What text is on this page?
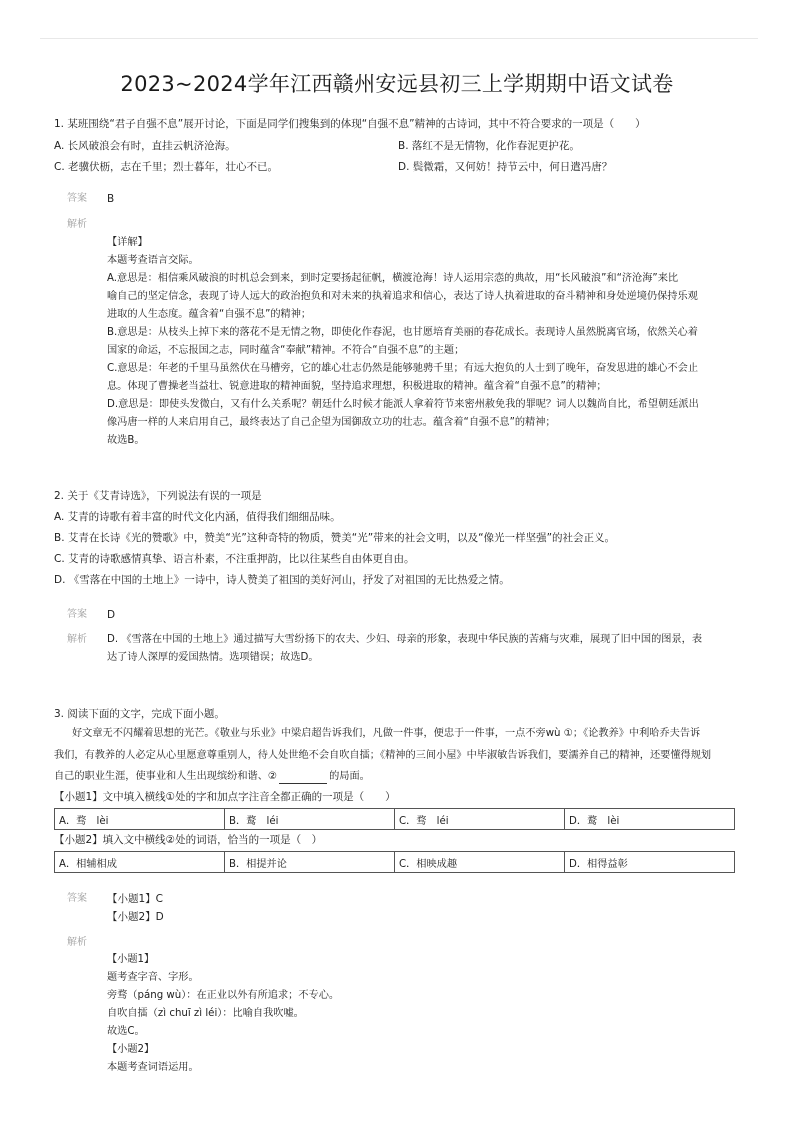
2023~2024学年江西赣州安远县初三上学期期中语文试卷
1. 某班围绕“君子自强不息”展开讨论，下面是同学们搜集到的体现“自强不息”精神的古诗词，其中不符合要求的一项是（　　）
A. 长风破浪会有时，直挂云帆济沧海。	B. 落红不是无情物，化作春泥更护花。
C. 老骥伏枥，志在千里；烈士暮年，壮心不已。	D. 鬓微霜，又何妨！持节云中，何日遣冯唐？
答案 B
解析
【详解】
本题考查语言交际。
A.意思是：相信乘风破浪的时机总会到来，到时定要扬起征帆，横渡沧海！诗人运用宗悫的典故，用“长风破浪”和“济沧海”来比
喻自己的坚定信念，表现了诗人远大的政治抱负和对未来的执着追求和信心，表达了诗人执着进取的奋斗精神和身处逆境仍保持乐观
进取的人生态度。蕴含着“自强不息”的精神；
B.意思是：从枝头上掉下来的落花不是无情之物，即使化作春泥，也甘愿培育美丽的春花成长。表现诗人虽然脱离官场，依然关心着
国家的命运，不忘报国之志，同时蕴含“奉献”精神。不符合“自强不息”的主题；
C.意思是：年老的千里马虽然伏在马槽旁，它的雄心壮志仍然是能够驰骋千里；有远大抱负的人士到了晚年，奋发思进的雄心不会止
息。体现了曹操老当益壮、锐意进取的精神面貌，坚持追求理想，积极进取的精神。蕴含着“自强不息”的精神；
D.意思是：即使头发微白，又有什么关系呢？朝廷什么时候才能派人拿着符节来密州赦免我的罪呢？词人以魏尚自比，希望朝廷派出
像冯唐一样的人来启用自己，最终表达了自己企望为国御敌立功的壮志。蕴含着“自强不息”的精神；
故选B。
2. 关于《艾青诗选》，下列说法有误的一项是
A. 艾青的诗歌有着丰富的时代文化内涵，值得我们细细品味。
B. 艾青在长诗《光的赞歌》中，赞美“光”这种奇特的物质，赞美“光”带来的社会文明，以及“像光一样坚强”的社会正义。
C. 艾青的诗歌感情真挚、语言朴素，不注重押韵，比以往某些自由体更自由。
D. 《雪落在中国的土地上》一诗中，诗人赞美了祖国的美好河山，抒发了对祖国的无比热爱之情。
答案 D
解析 D. 《雪落在中国的土地上》通过描写大雪纷扬下的农夫、少妇、母亲的形象，表现中华民族的苦痛与灾难，展现了旧中国的图景，表
达了诗人深厚的爱国热情。选项错误；故选D。
3. 阅读下面的文字，完成下面小题。
好文章无不闪耀着思想的光芒。《敬业与乐业》中梁启超告诉我们，凡做一件事，便忠于一件事，一点不旁wù ①；《论教养》中利哈乔夫告诉
我们，有教养的人必定从心里愿意尊重别人，待人处世绝不会自吹自擂；《精神的三间小屋》中毕淑敏告诉我们，要濡养自己的精神，还要懂得规划
自己的职业生涯，使事业和人生出现缤纷和谐、②	的局面。
【小题1】文中填入横线①处的字和加点字注音全都正确的一项是（　　）
A．骛　lèi	B．鹜　léi	C．骛　léi	D．鹜　lèi
【小题2】填入文中横线②处的词语，恰当的一项是（　）
A．相辅相成	B．相提并论	C．相映成趣	D．相得益彰
答案 【小题1】C
【小题2】D
解析
【小题1】
题考查字音、字形。
旁骛（páng wù）：在正业以外有所追求；不专心。
自吹自擂（zì chuī zì léi）：比喻自我吹嘘。
故选C。
【小题2】
本题考查词语运用。
